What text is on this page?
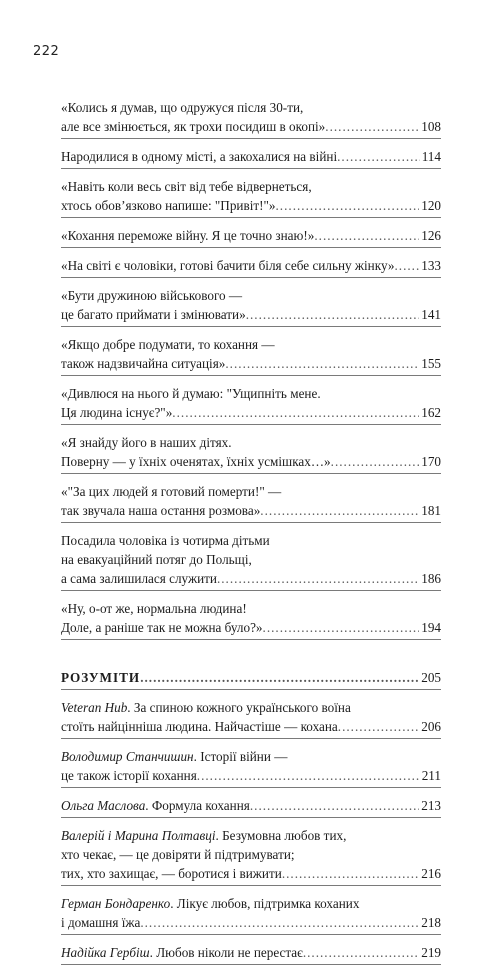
222
«Колись я думав, що одружуся після 30-ти,
але все змінюється, як трохи посидиш в окопі» .....	108
Народилися в одному місті, а закохалися на війні .....	114
«Навіть коли весь світ від тебе відвернеться,
хтось обов’язково напише: "Привіт!"» .....	120
«Кохання переможе війну. Я це точно знаю!» .....	126
«На світі є чоловіки, готові бачити біля себе сильну жінку» .....	133
«Бути дружиною військового —
це багато приймати і змінювати» .....	141
«Якщо добре подумати, то кохання —
також надзвичайна ситуація» .....	155
«Дивлюся на нього й думаю: "Ущипніть мене.
Ця людина існує?"» .....	162
«Я знайду його в наших дітях.
Поверну — у їхніх оченятах, їхніх усмішках…» .....	170
«"За цих людей я готовий померти!" —
так звучала наша остання розмова» .....	181
Посадила чоловіка із чотирма дітьми
на евакуаційний потяг до Польщі,
а сама залишилася служити .....	186
«Ну, о-от же, нормальна людина!
Доле, а раніше так не можна було?» .....	194
РОЗУМІТИ .....	205
Veteran Hub. За спиною кожного українського воїна
стоїть найцінніша людина. Найчастіше — кохана .....	206
Володимир Станчишин. Історії війни —
це також історії кохання .....	211
Ольга Маслова. Формула кохання .....	213
Валерій і Марина Полтавці. Безумовна любов тих,
хто чекає, — це довіряти й підтримувати;
тих, хто захищає, — боротися і вижити .....	216
Герман Бондаренко. Лікує любов, підтримка коханих
і домашня їжа .....	218
Надійка Гербіш. Любов ніколи не перестає .....	219
